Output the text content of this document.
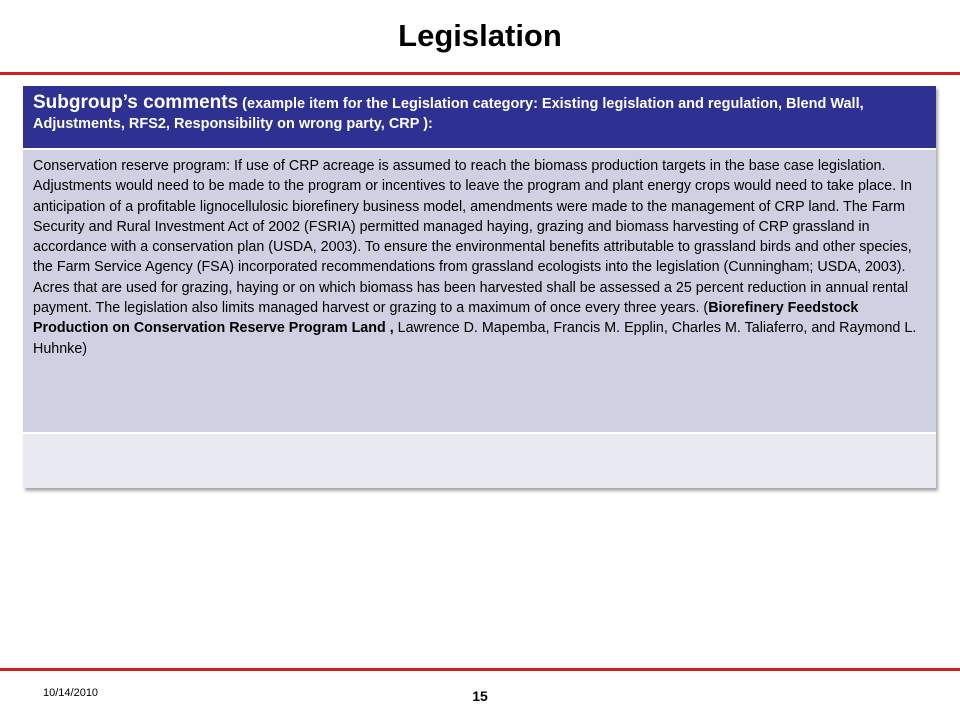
Legislation
Subgroup’s comments (example item for the Legislation category: Existing legislation and regulation, Blend Wall, Adjustments, RFS2, Responsibility on wrong party, CRP ):
Conservation reserve program: If use of CRP acreage is assumed to reach the biomass production targets in the base case legislation. Adjustments would need to be made to the program or incentives to leave the program and plant energy crops would need to take place. In anticipation of a profitable lignocellulosic biorefinery business model, amendments were made to the management of CRP land. The Farm Security and Rural Investment Act of 2002 (FSRIA) permitted managed haying, grazing and biomass harvesting of CRP grassland in accordance with a conservation plan (USDA, 2003). To ensure the environmental benefits attributable to grassland birds and other species, the Farm Service Agency (FSA) incorporated recommendations from grassland ecologists into the legislation (Cunningham; USDA, 2003). Acres that are used for grazing, haying or on which biomass has been harvested shall be assessed a 25 percent reduction in annual rental payment. The legislation also limits managed harvest or grazing to a maximum of once every three years. (Biorefinery Feedstock Production on Conservation Reserve Program Land , Lawrence D. Mapemba, Francis M. Epplin, Charles M. Taliaferro, and Raymond L. Huhnke)
10/14/2010	15
